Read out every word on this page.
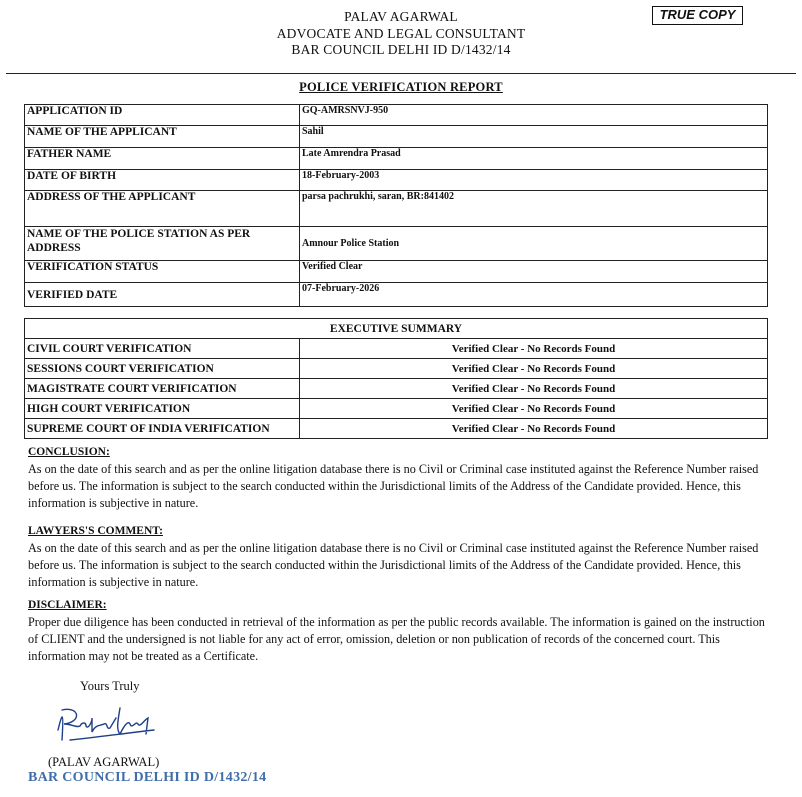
PALAV AGARWAL
ADVOCATE AND LEGAL CONSULTANT
BAR COUNCIL DELHI ID D/1432/14
TRUE COPY
POLICE VERIFICATION REPORT
APPLICATION ID	GQ-AMRSNVJ-950
NAME OF THE APPLICANT	Sahil
FATHER NAME	Late Amrendra Prasad
DATE OF BIRTH	18-February-2003
ADDRESS OF THE APPLICANT	parsa pachrukhi, saran, BR:841402
NAME OF THE POLICE STATION AS PER ADDRESS	Amnour Police Station
VERIFICATION STATUS	Verified Clear
VERIFIED DATE	07-February-2026
EXECUTIVE SUMMARY	
CIVIL COURT VERIFICATION	Verified Clear - No Records Found
SESSIONS COURT VERIFICATION	Verified Clear - No Records Found
MAGISTRATE COURT VERIFICATION	Verified Clear - No Records Found
HIGH COURT VERIFICATION	Verified Clear - No Records Found
SUPREME COURT OF INDIA VERIFICATION	Verified Clear - No Records Found
CONCLUSION:
As on the date of this search and as per the online litigation database there is no Civil or Criminal case instituted against the Reference Number raised before us. The information is subject to the search conducted within the Jurisdictional limits of the Address of the Candidate provided. Hence, this information is subjective in nature.
LAWYERS'S COMMENT:
As on the date of this search and as per the online litigation database there is no Civil or Criminal case instituted against the Reference Number raised before us. The information is subject to the search conducted within the Jurisdictional limits of the Address of the Candidate provided. Hence, this information is subjective in nature.
DISCLAIMER:
Proper due diligence has been conducted in retrieval of the information as per the public records available. The information is gained on the instruction of CLIENT and the undersigned is not liable for any act of error, omission, deletion or non publication of records of the concerned court. This information may not be treated as a Certificate.
Yours Truly
(PALAV AGARWAL)
BAR COUNCIL DELHI ID D/1432/14
